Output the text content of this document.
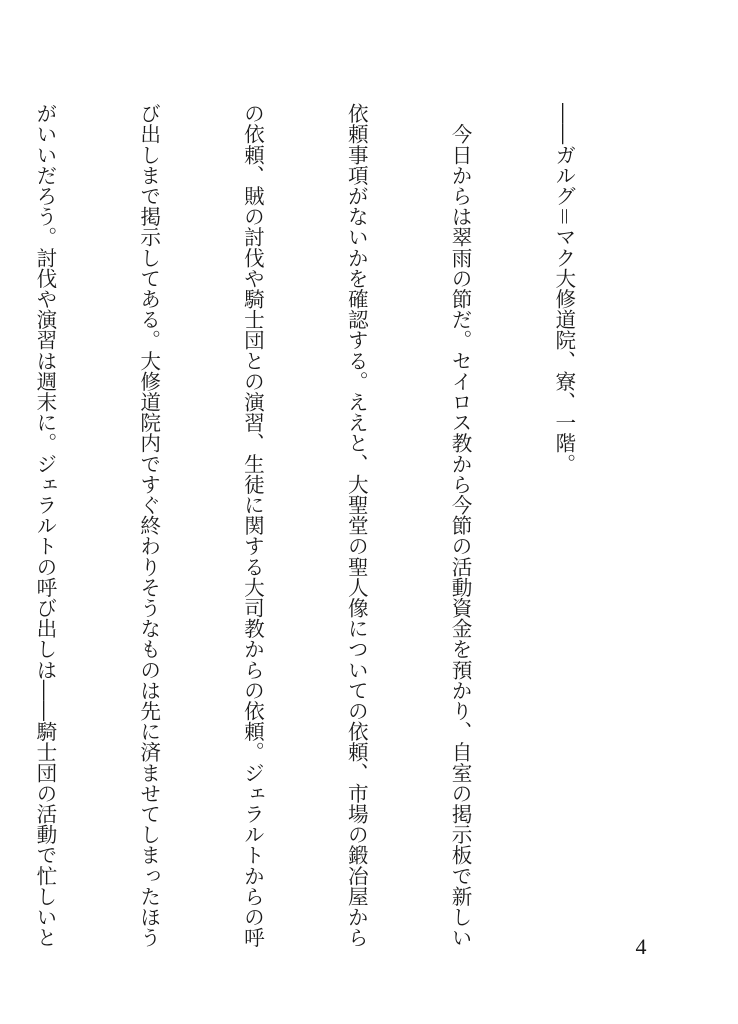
――ガルグ＝マク大修道院、寮、一階。

　今日からは翠雨の節だ。セイロス教から今節の活動資金を預かり、自室の掲示板で新しい

依頼事項がないかを確認する。ええと、大聖堂の聖人像についての依頼、市場の鍛冶屋から

の依頼、賊の討伐や騎士団との演習、生徒に関する大司教からの依頼。ジェラルトからの呼

び出しまで掲示してある。大修道院内ですぐ終わりそうなものは先に済ませてしまったほう

がいいだろう。討伐や演習は週末に。ジェラルトの呼び出しは――騎士団の活動で忙しいと

	4
